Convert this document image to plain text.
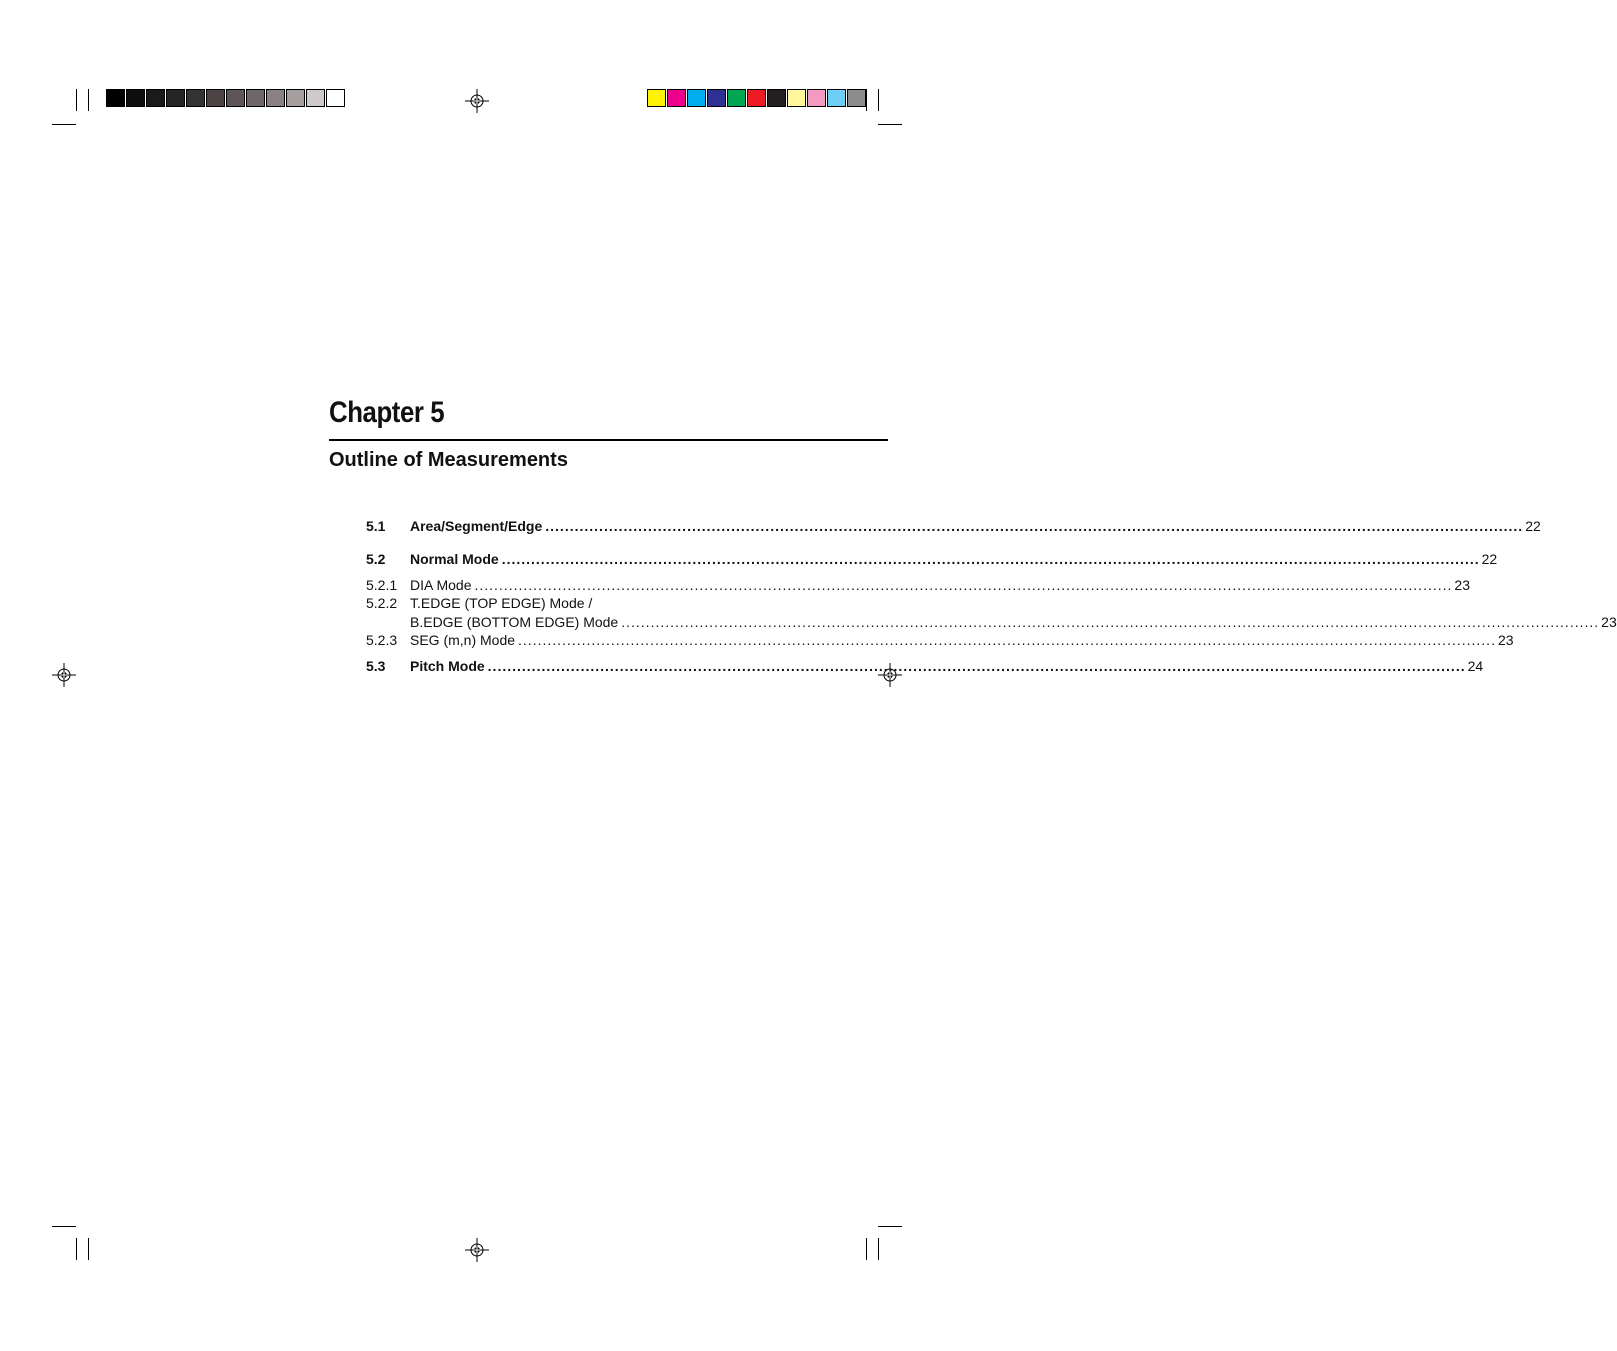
Chapter 5
Outline of Measurements
5.1	Area/Segment/Edge ........................................................................................................................................................................................................ 22
5.2	Normal Mode ........................................................................................................................................................................................................ 22
5.2.1 DIA Mode ........................................................................................................................................................................................................ 23
5.2.2 T.EDGE (TOP EDGE) Mode /
B.EDGE (BOTTOM EDGE) Mode ........................................................................................................................................................................................................ 23
5.2.3 SEG (m,n) Mode ........................................................................................................................................................................................................ 23
5.3	Pitch Mode ........................................................................................................................................................................................................ 24
